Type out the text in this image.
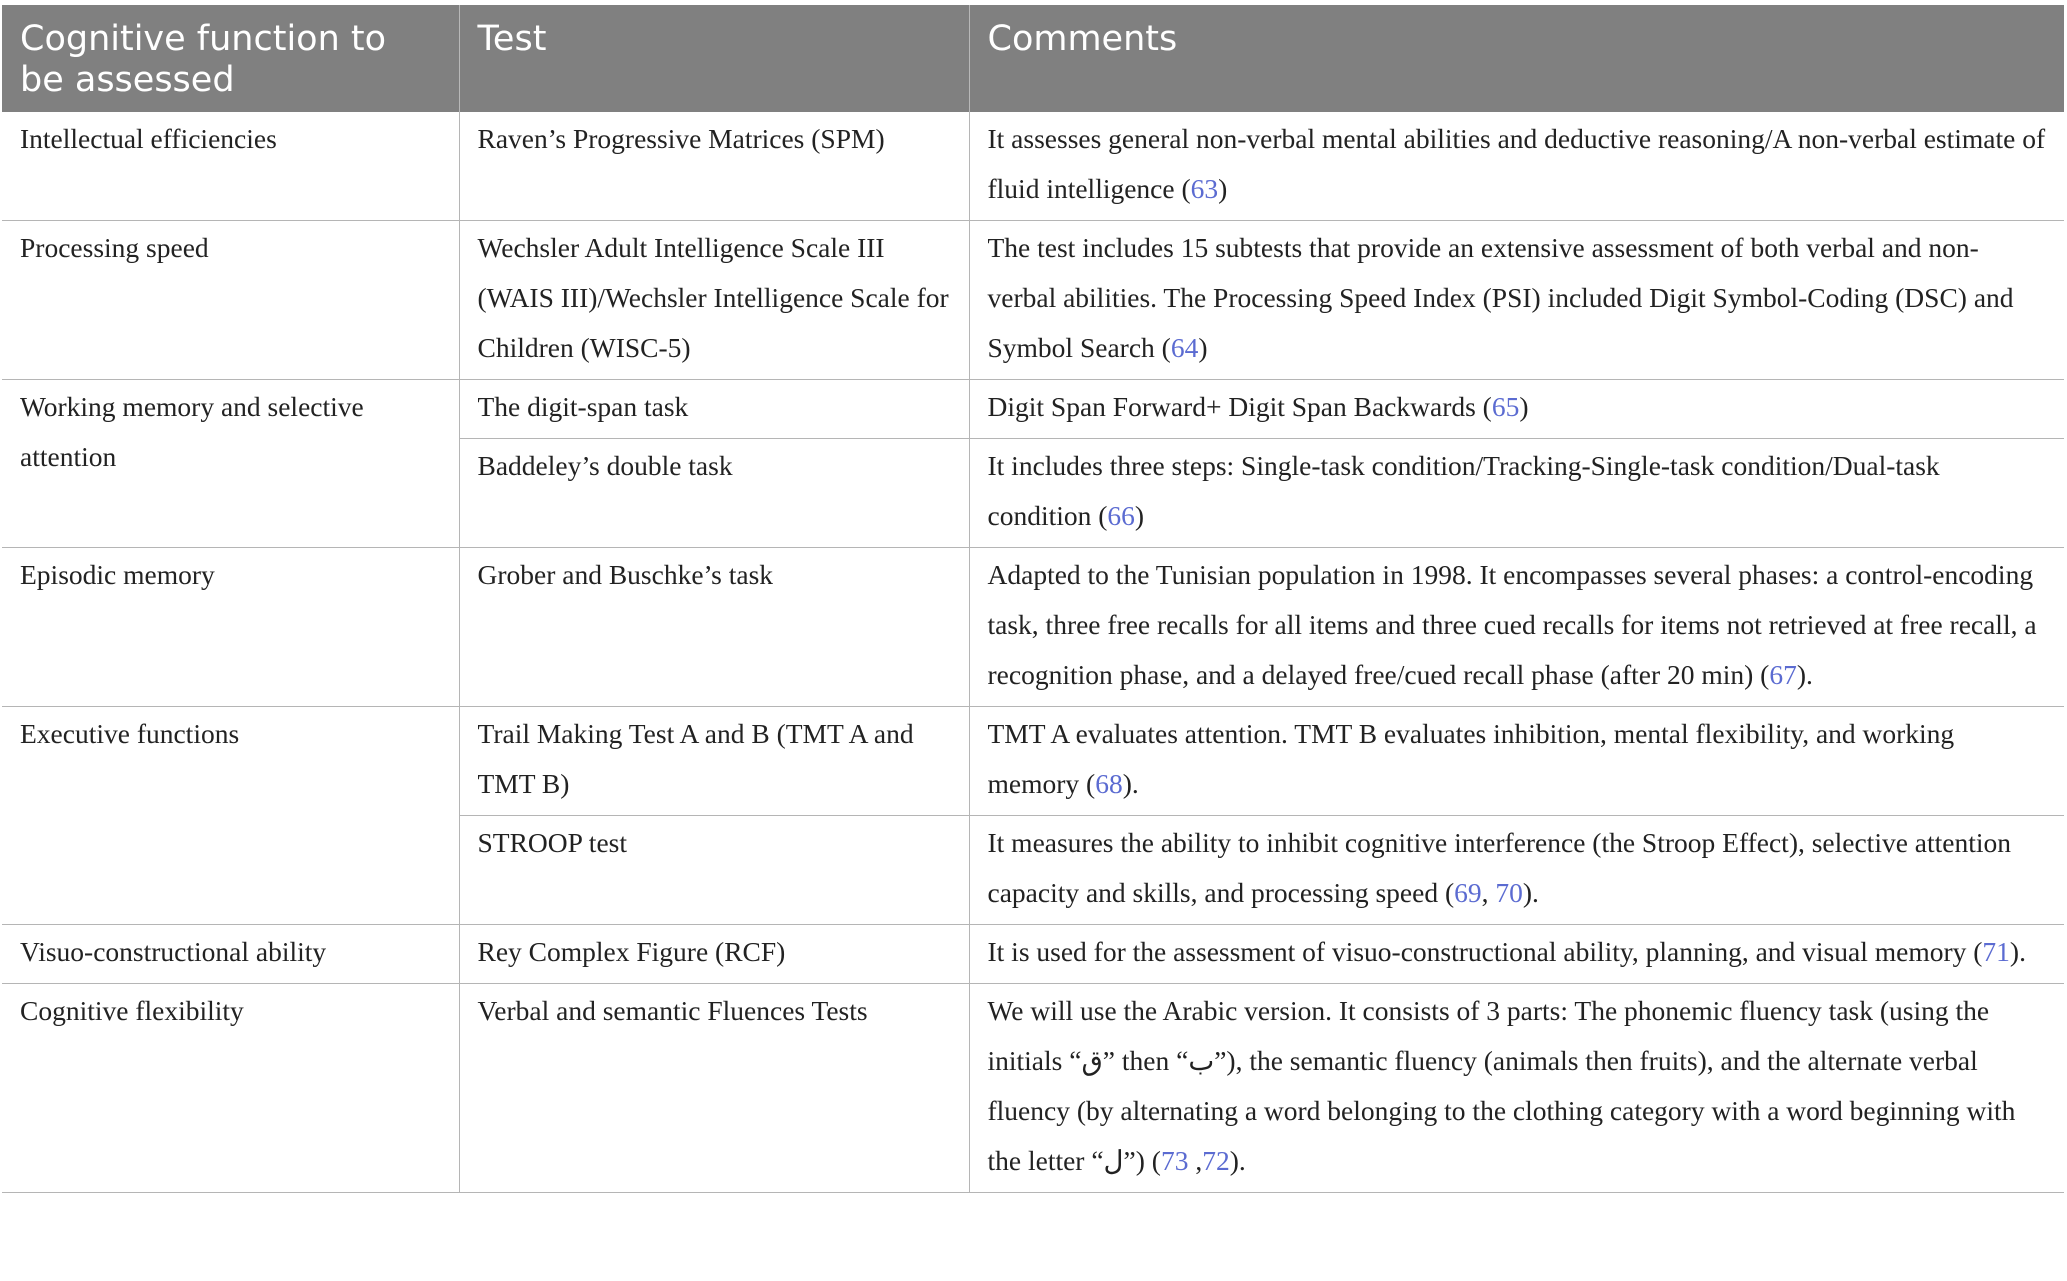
Cognitive function to be assessed	Test	Comments
Intellectual efficiencies	Raven’s Progressive Matrices (SPM)	It assesses general non-verbal mental abilities and deductive reasoning/A non-verbal estimate of fluid intelligence (63)
Processing speed	Wechsler Adult Intelligence Scale III (WAIS III)/Wechsler Intelligence Scale for Children (WISC-5)	The test includes 15 subtests that provide an extensive assessment of both verbal and non-verbal abilities. The Processing Speed Index (PSI) included Digit Symbol-Coding (DSC) and Symbol Search (64)
Working memory and selective attention	The digit-span task	Digit Span Forward+ Digit Span Backwards (65)
	Baddeley’s double task	It includes three steps: Single-task condition/Tracking-Single-task condition/Dual-task condition (66)
Episodic memory	Grober and Buschke’s task	Adapted to the Tunisian population in 1998. It encompasses several phases: a control-encoding task, three free recalls for all items and three cued recalls for items not retrieved at free recall, a recognition phase, and a delayed free/cued recall phase (after 20 min) (67).
Executive functions	Trail Making Test A and B (TMT A and TMT B)	TMT A evaluates attention. TMT B evaluates inhibition, mental flexibility, and working memory (68).
	STROOP test	It measures the ability to inhibit cognitive interference (the Stroop Effect), selective attention capacity and skills, and processing speed (69, 70).
Visuo-constructional ability	Rey Complex Figure (RCF)	It is used for the assessment of visuo-constructional ability, planning, and visual memory (71).
Cognitive flexibility	Verbal and semantic Fluences Tests	We will use the Arabic version. It consists of 3 parts: The phonemic fluency task (using the initials “ق” then “ب”), the semantic fluency (animals then fruits), and the alternate verbal fluency (by alternating a word belonging to the clothing category with a word beginning with the letter “ل”) ( 72, 73 ).
